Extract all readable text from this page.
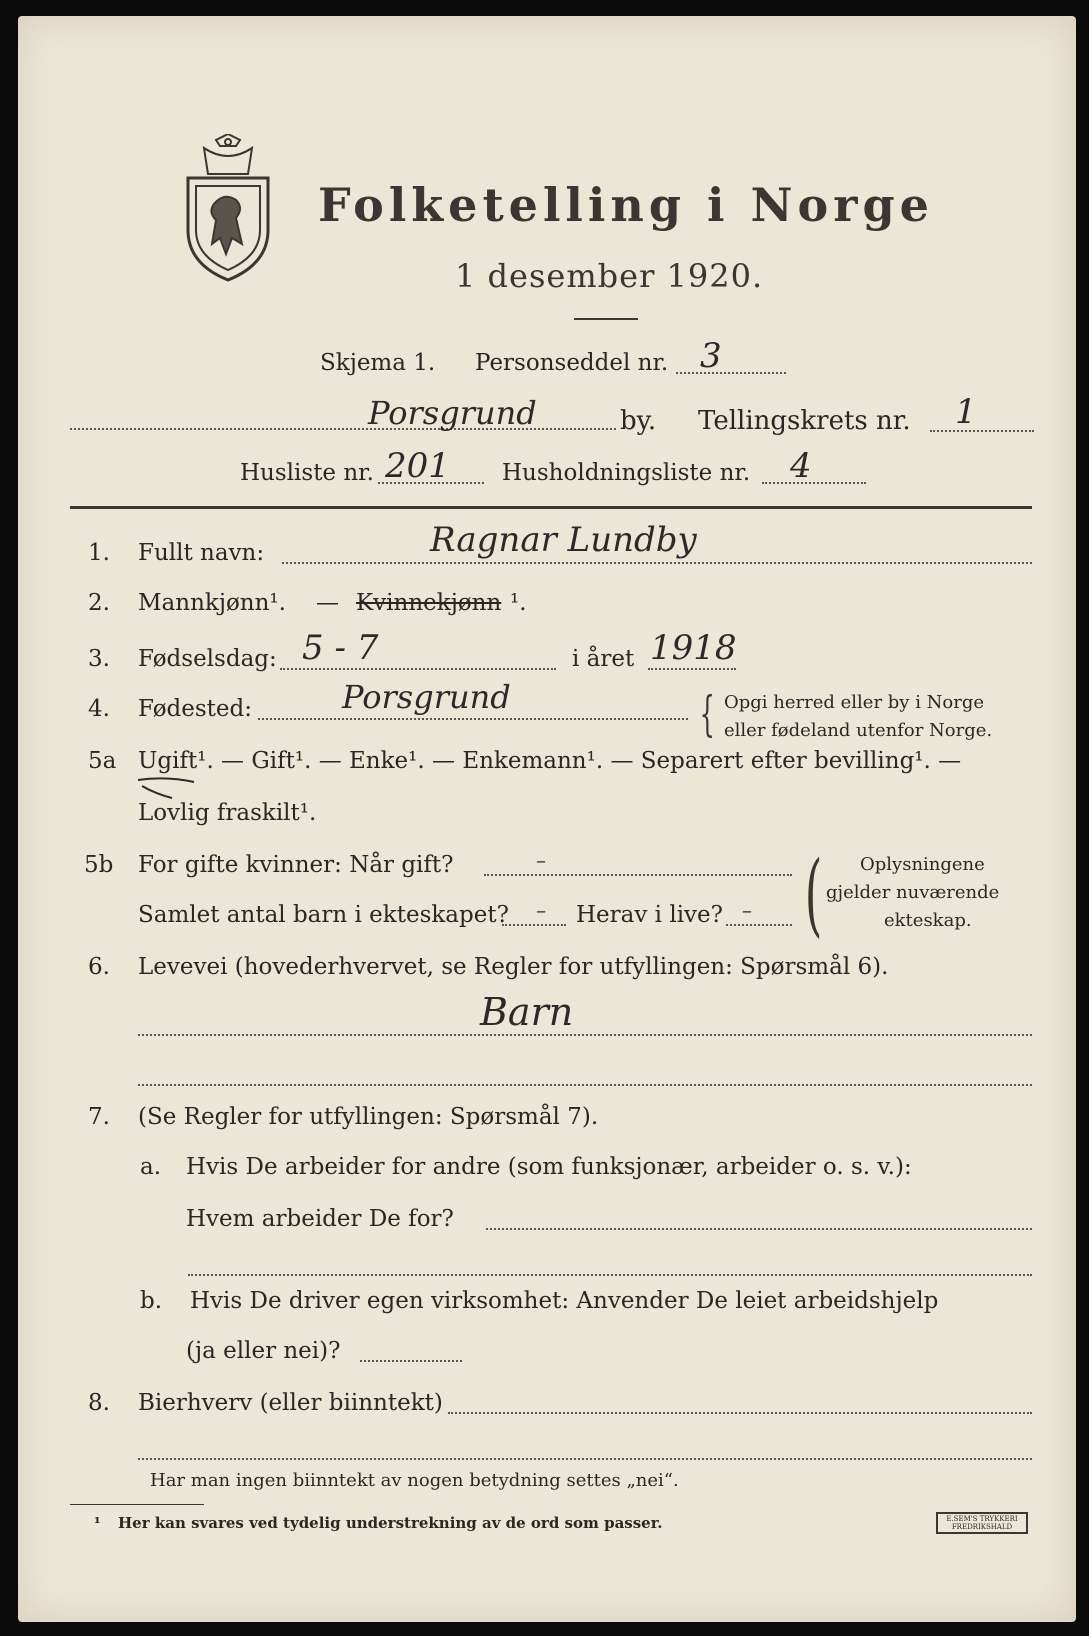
Folketelling i Norge
1 desember 1920.
Skjema 1. Personseddel nr. 3
Porsgrund	by. Tellingskrets nr. 1
Husliste nr. 201 Husholdningsliste nr. 4
1. Fullt navn:	Ragnar Lundby
2. Mannkjønn¹. — Kvinnekjønn ¹.
3. Fødselsdag: 5 - 7	i året 1918
4. Fødested:	Porsgrund	{ Opgi herred eller by i Norge
eller fødeland utenfor Norge.
5a Ugift¹. — Gift¹. — Enke¹. — Enkemann¹. — Separert efter bevilling¹. —
Lovlig fraskilt¹.
5b For gifte kvinner: Når gift?	–
Samlet antal barn i ekteskapet? – Herav i live? – ( Oplysningene
gjelder nuværende
ekteskap.
6. Levevei (hovederhvervet, se Regler for utfyllingen: Spørsmål 6).
Barn
7. (Se Regler for utfyllingen: Spørsmål 7).
a. Hvis De arbeider for andre (som funksjonær, arbeider o. s. v.):
Hvem arbeider De for?
b. Hvis De driver egen virksomhet: Anvender De leiet arbeidshjelp
(ja eller nei)?
8. Bierhverv (eller biinntekt)
Har man ingen biinntekt av nogen betydning settes „nei“.
¹ Her kan svares ved tydelig understrekning av de ord som passer.	E.SEM'S TRYKKERI FREDRIKSHALD
